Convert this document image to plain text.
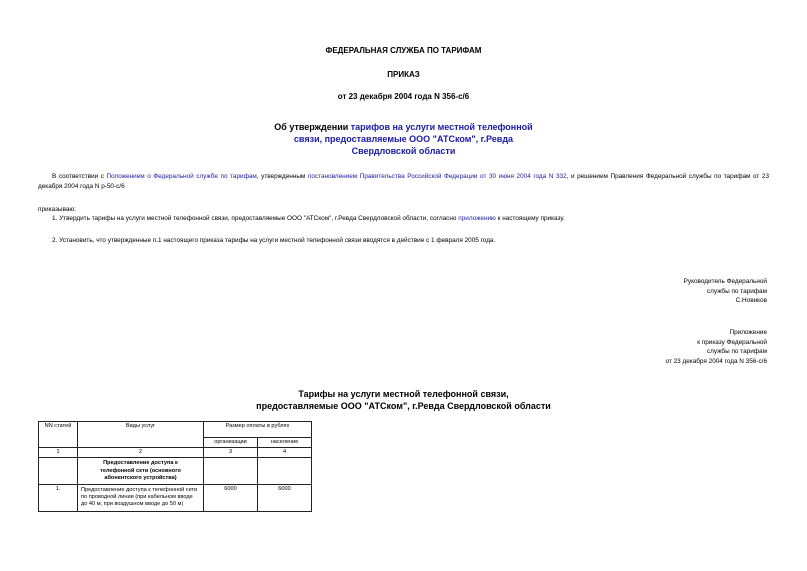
ФЕДЕРАЛЬНАЯ СЛУЖБА ПО ТАРИФАМ
ПРИКАЗ
от 23 декабря 2004 года N 356-с/6
Об утверждении тарифов на услуги местной телефонной связи, предоставляемые ООО "АТСком", г.Ревда Свердловской области
В соответствии с Положением о Федеральной службе по тарифам, утвержденным постановлением Правительства Российской Федерации от 30 июня 2004 года N 332, и решением Правления Федеральной службы по тарифам от 23 декабря 2004 года N р-50-с/6
приказываю:
1. Утвердить тарифы на услуги местной телефонной связи, предоставляемые ООО "АТСком", г.Ревда Свердловской области, согласно приложению к настоящему приказу.
2. Установить, что утвержденные п.1 настоящего приказа тарифы на услуги местной телефонной связи вводятся в действие с 1 февраля 2005 года.
Руководитель Федеральной
службы по тарифам
С.Новиков
Приложение
к приказу Федеральной
службы по тарифам
от 23 декабря 2004 года N 356-с/6
Тарифы на услуги местной телефонной связи,
предоставляемые ООО "АТСком", г.Ревда Свердловской области
NN статей	Виды услуг	Размер оплаты в рублях	
		организации	население
1	2	3	4
	Предоставление доступа к телефонной сети (основного абонентского устройства)		
1.	Предоставление доступа к телефонной сети по проводной линии (при кабельном вводе до 40 м, при воздушном вводе до 50 м)	6000	6000
